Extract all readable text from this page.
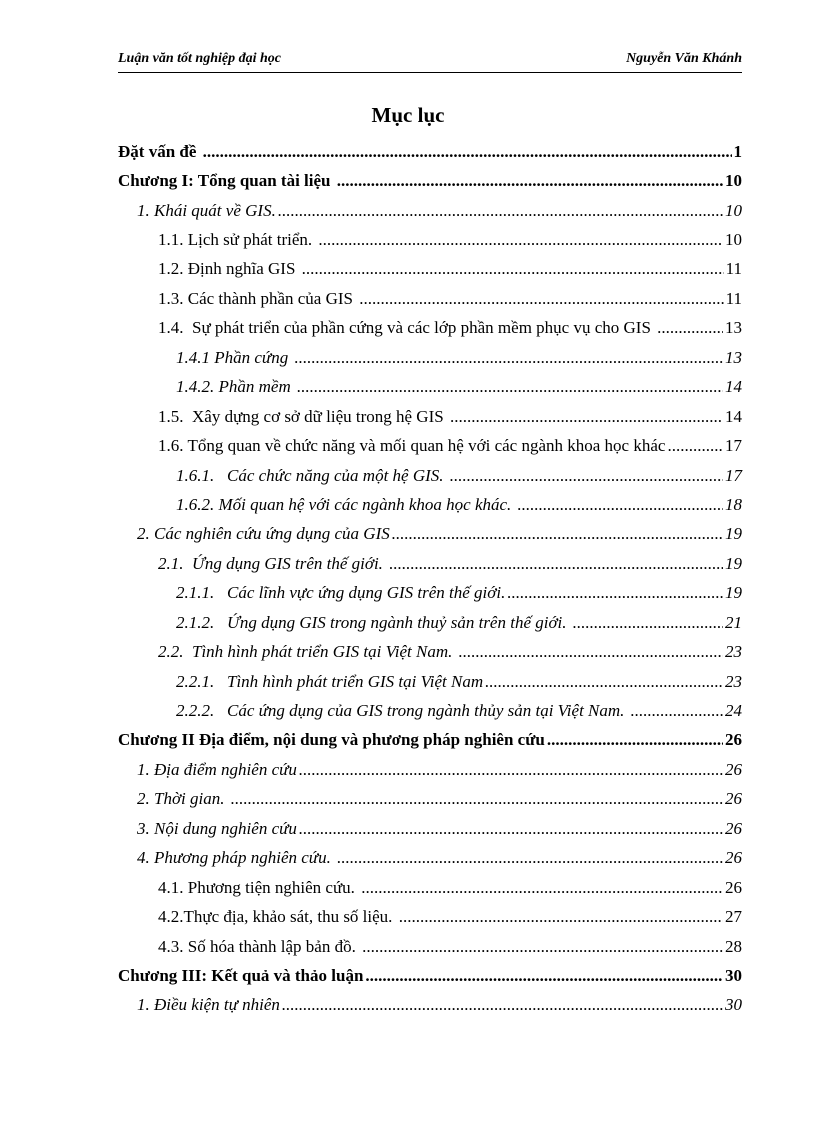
Luận văn tốt nghiệp đại học	Nguyễn Văn Khánh
Mục lục
Đặt vấn đề .....	1
Chương I: Tổng quan tài liệu .....	10
1. Khái quát về GIS. .....	10
1.1. Lịch sử phát triển. .....	10
1.2. Định nghĩa GIS .....	11
1.3. Các thành phần của GIS .....	11
1.4.  Sự phát triển của phần cứng và các lớp phần mềm phục vụ cho GIS .....	13
1.4.1 Phần cứng .....	13
1.4.2. Phần mềm .....	14
1.5.  Xây dựng cơ sở dữ liệu trong hệ GIS .....	14
1.6. Tổng quan về chức năng và mối quan hệ với các ngành khoa học khác .....	17
1.6.1.   Các chức năng của một hệ GIS. .....	17
1.6.2. Mối quan hệ với các ngành khoa học khác. .....	18
2. Các nghiên cứu ứng dụng của GIS .....	19
2.1.  Ứng dụng GIS trên thế giới. .....	19
2.1.1.   Các lĩnh vực ứng dụng GIS trên thế giới. .....	19
2.1.2.   Ứng dụng GIS trong ngành thuỷ sản trên thế giới. .....	21
2.2.  Tình hình phát triển GIS tại Việt Nam. .....	23
2.2.1.   Tình hình phát triển GIS tại Việt Nam .....	23
2.2.2.   Các ứng dụng của GIS trong ngành thủy sản tại Việt Nam. .....	24
Chương II Địa điểm, nội dung và phương pháp nghiên cứu .....	26
1. Địa điểm nghiên cứu .....	26
2. Thời gian. .....	26
3. Nội dung nghiên cứu .....	26
4. Phương pháp nghiên cứu. .....	26
4.1. Phương tiện nghiên cứu. .....	26
4.2.Thực địa, khảo sát, thu số liệu. .....	27
4.3. Số hóa thành lập bản đồ. .....	28
Chương III: Kết quả và thảo luận .....	30
1. Điều kiện tự nhiên .....	30
